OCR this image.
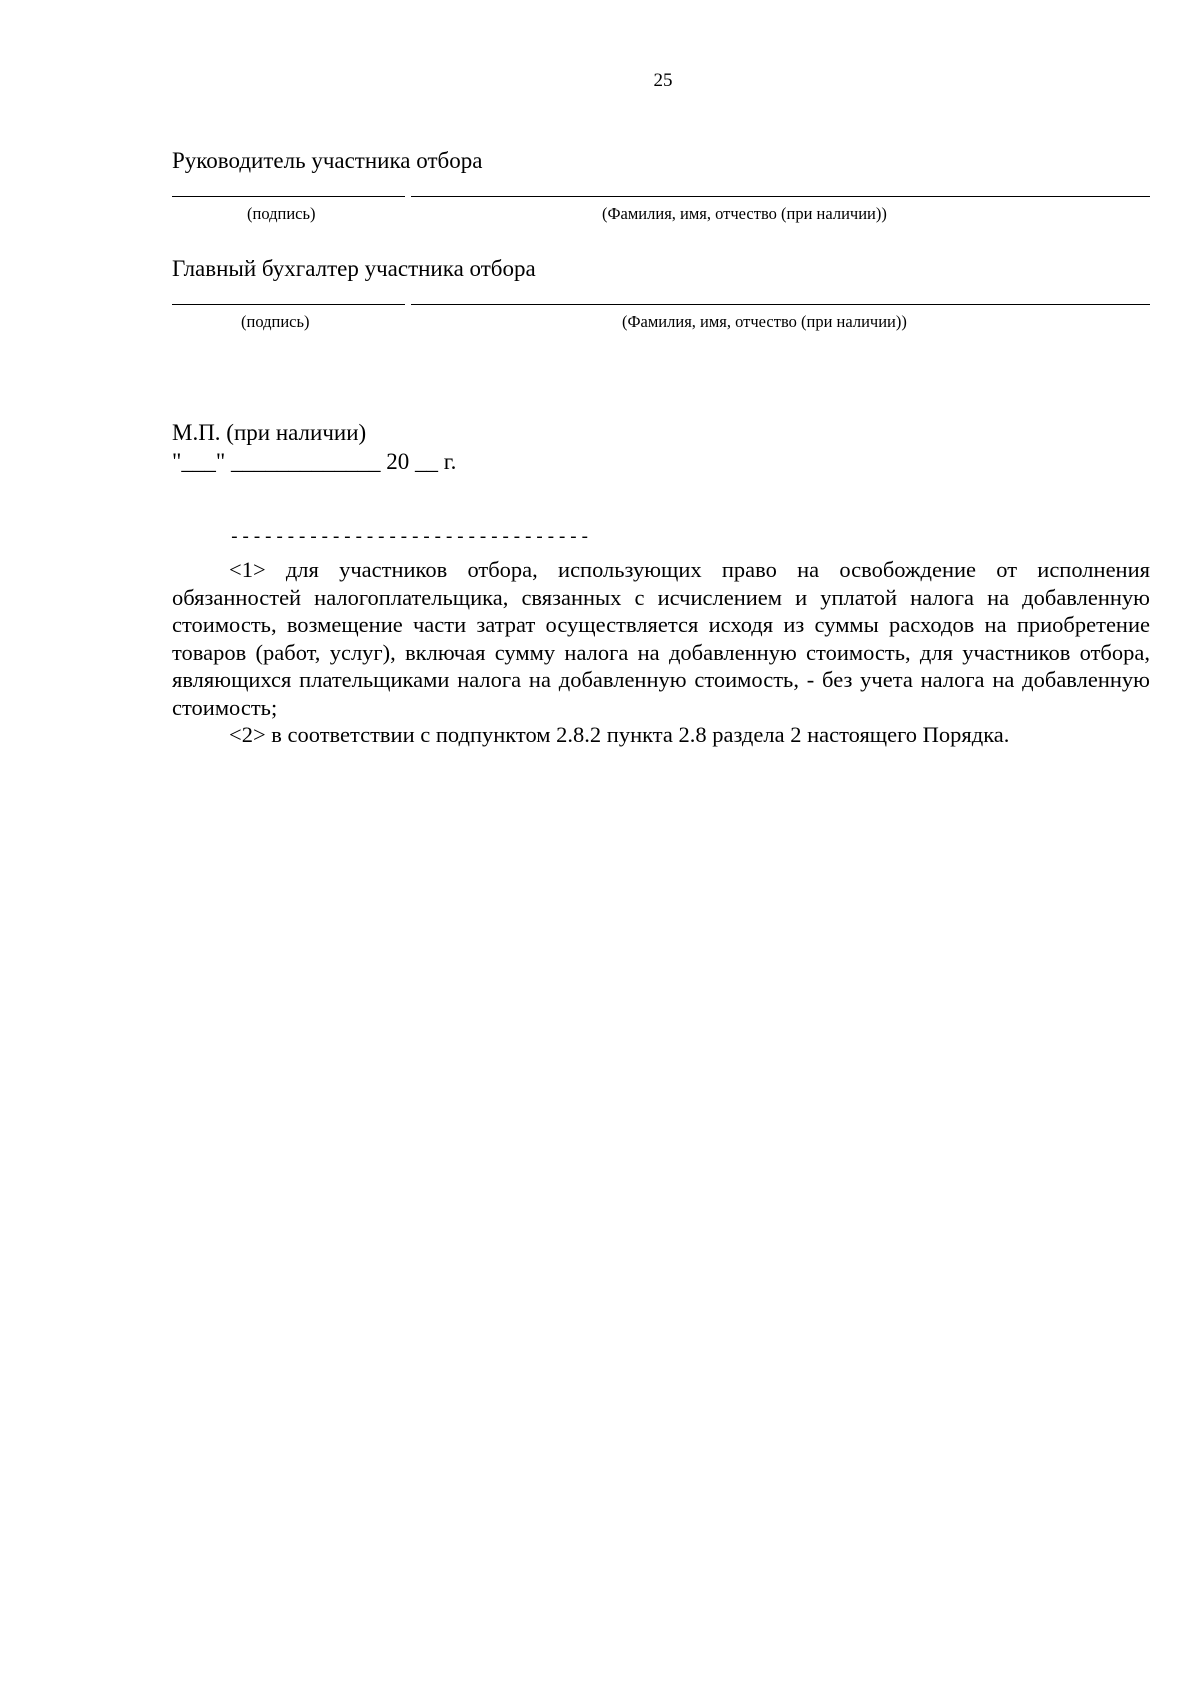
25
Руководитель участника отбора
(подпись)	(Фамилия, имя, отчество (при наличии))
Главный бухгалтер участника отбора
(подпись)	(Фамилия, имя, отчество (при наличии))
М.П. (при наличии)
"___" _____________ 20 __ г.
--------------------------------

<1> для участников отбора, использующих право на освобождение от исполнения обязанностей налогоплательщика, связанных с исчислением и уплатой налога на добавленную стоимость, возмещение части затрат осуществляется исходя из суммы расходов на приобретение товаров (работ, услуг), включая сумму налога на добавленную стоимость, для участников отбора, являющихся плательщиками налога на добавленную стоимость, - без учета налога на добавленную стоимость;

<2> в соответствии с подпунктом 2.8.2 пункта 2.8 раздела 2 настоящего Порядка.
